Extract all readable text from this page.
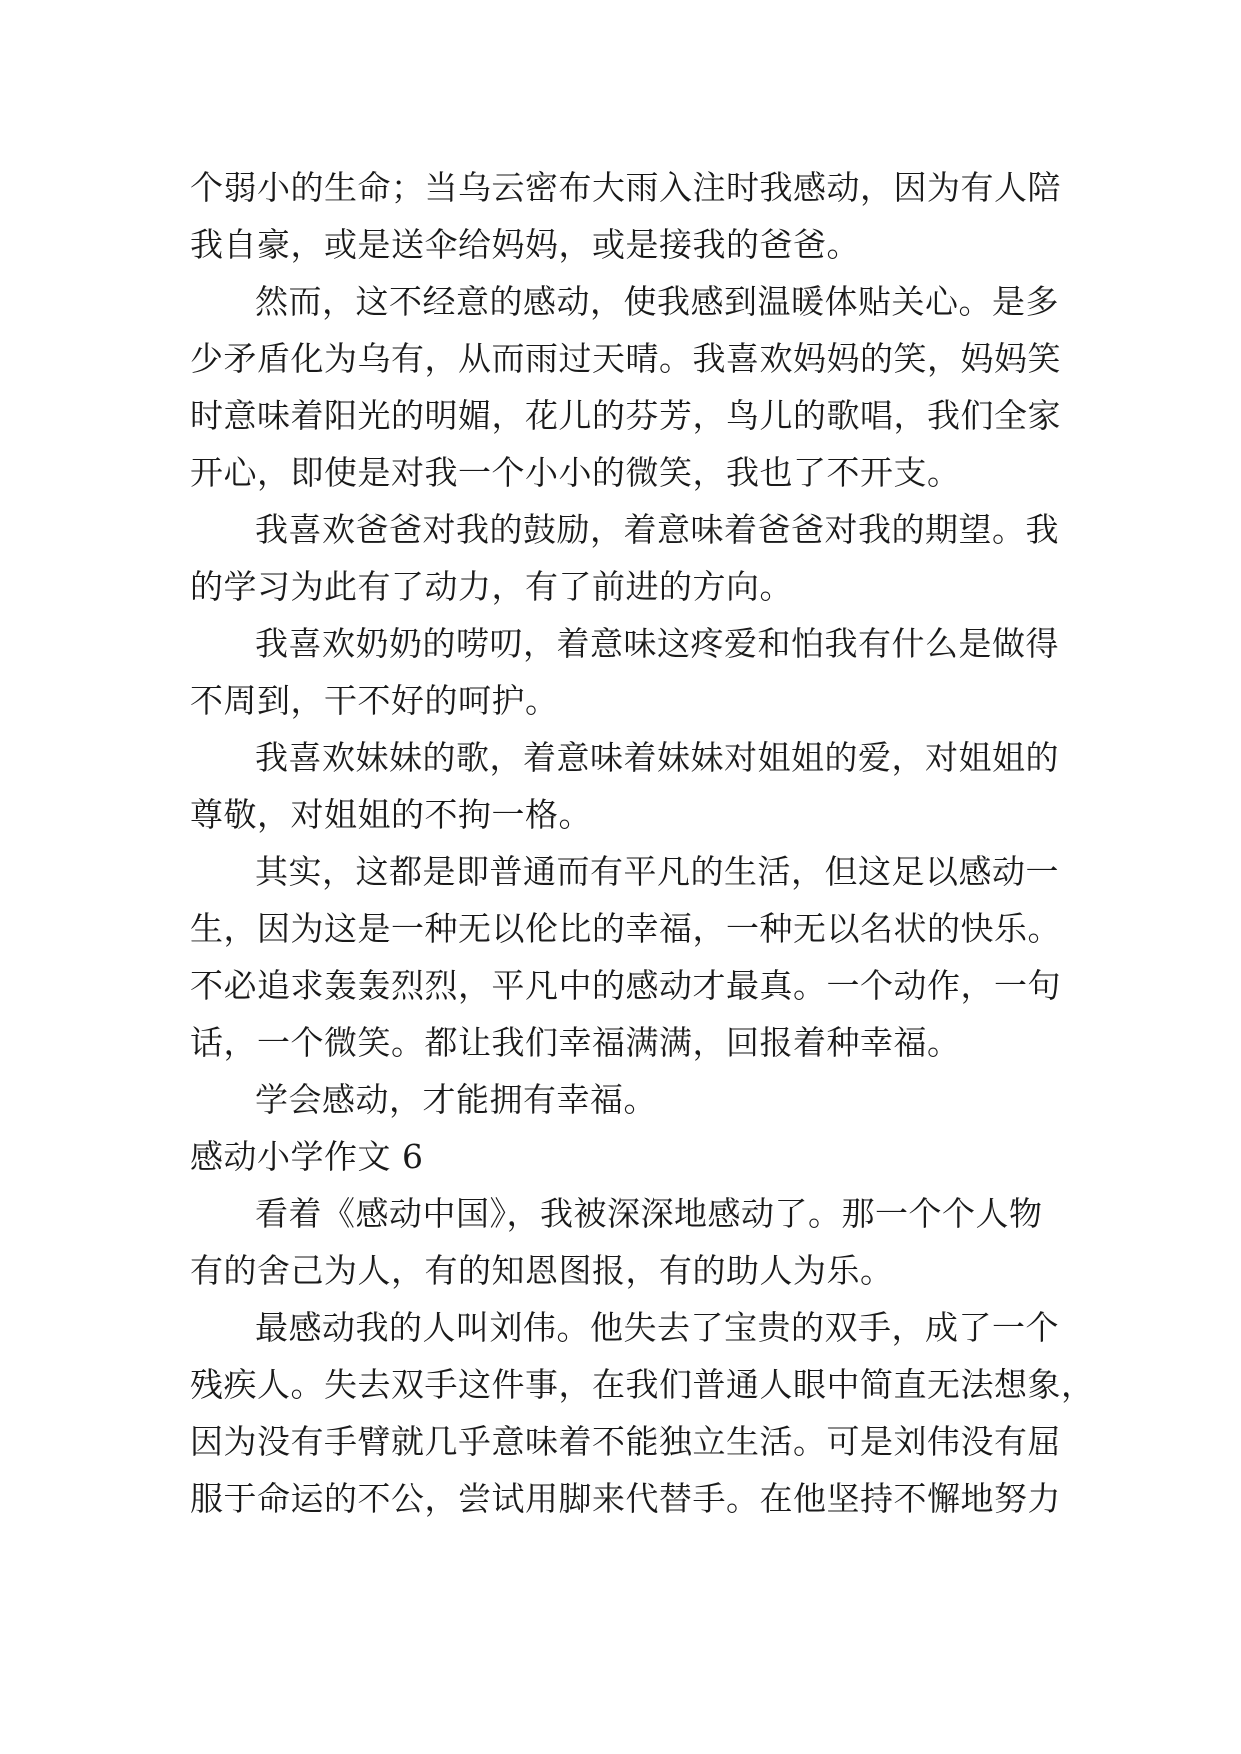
个弱小的生命；当乌云密布大雨入注时我感动，因为有人陪
我自豪，或是送伞给妈妈，或是接我的爸爸。
然而，这不经意的感动，使我感到温暖体贴关心。是多
少矛盾化为乌有，从而雨过天晴。我喜欢妈妈的笑，妈妈笑
时意味着阳光的明媚，花儿的芬芳，鸟儿的歌唱，我们全家
开心，即使是对我一个小小的微笑，我也了不开支。
我喜欢爸爸对我的鼓励，着意味着爸爸对我的期望。我
的学习为此有了动力，有了前进的方向。
我喜欢奶奶的唠叨，着意味这疼爱和怕我有什么是做得
不周到，干不好的呵护。
我喜欢妹妹的歌，着意味着妹妹对姐姐的爱，对姐姐的
尊敬，对姐姐的不拘一格。
其实，这都是即普通而有平凡的生活，但这足以感动一
生，因为这是一种无以伦比的幸福，一种无以名状的快乐。
不必追求轰轰烈烈，平凡中的感动才最真。一个动作，一句
话，一个微笑。都让我们幸福满满，回报着种幸福。
学会感动，才能拥有幸福。
感动小学作文 6
看着《感动中国》，我被深深地感动了。那一个个人物
有的舍己为人，有的知恩图报，有的助人为乐。
最感动我的人叫刘伟。他失去了宝贵的双手，成了一个
残疾人。失去双手这件事，在我们普通人眼中简直无法想象，
因为没有手臂就几乎意味着不能独立生活。可是刘伟没有屈
服于命运的不公，尝试用脚来代替手。在他坚持不懈地努力
